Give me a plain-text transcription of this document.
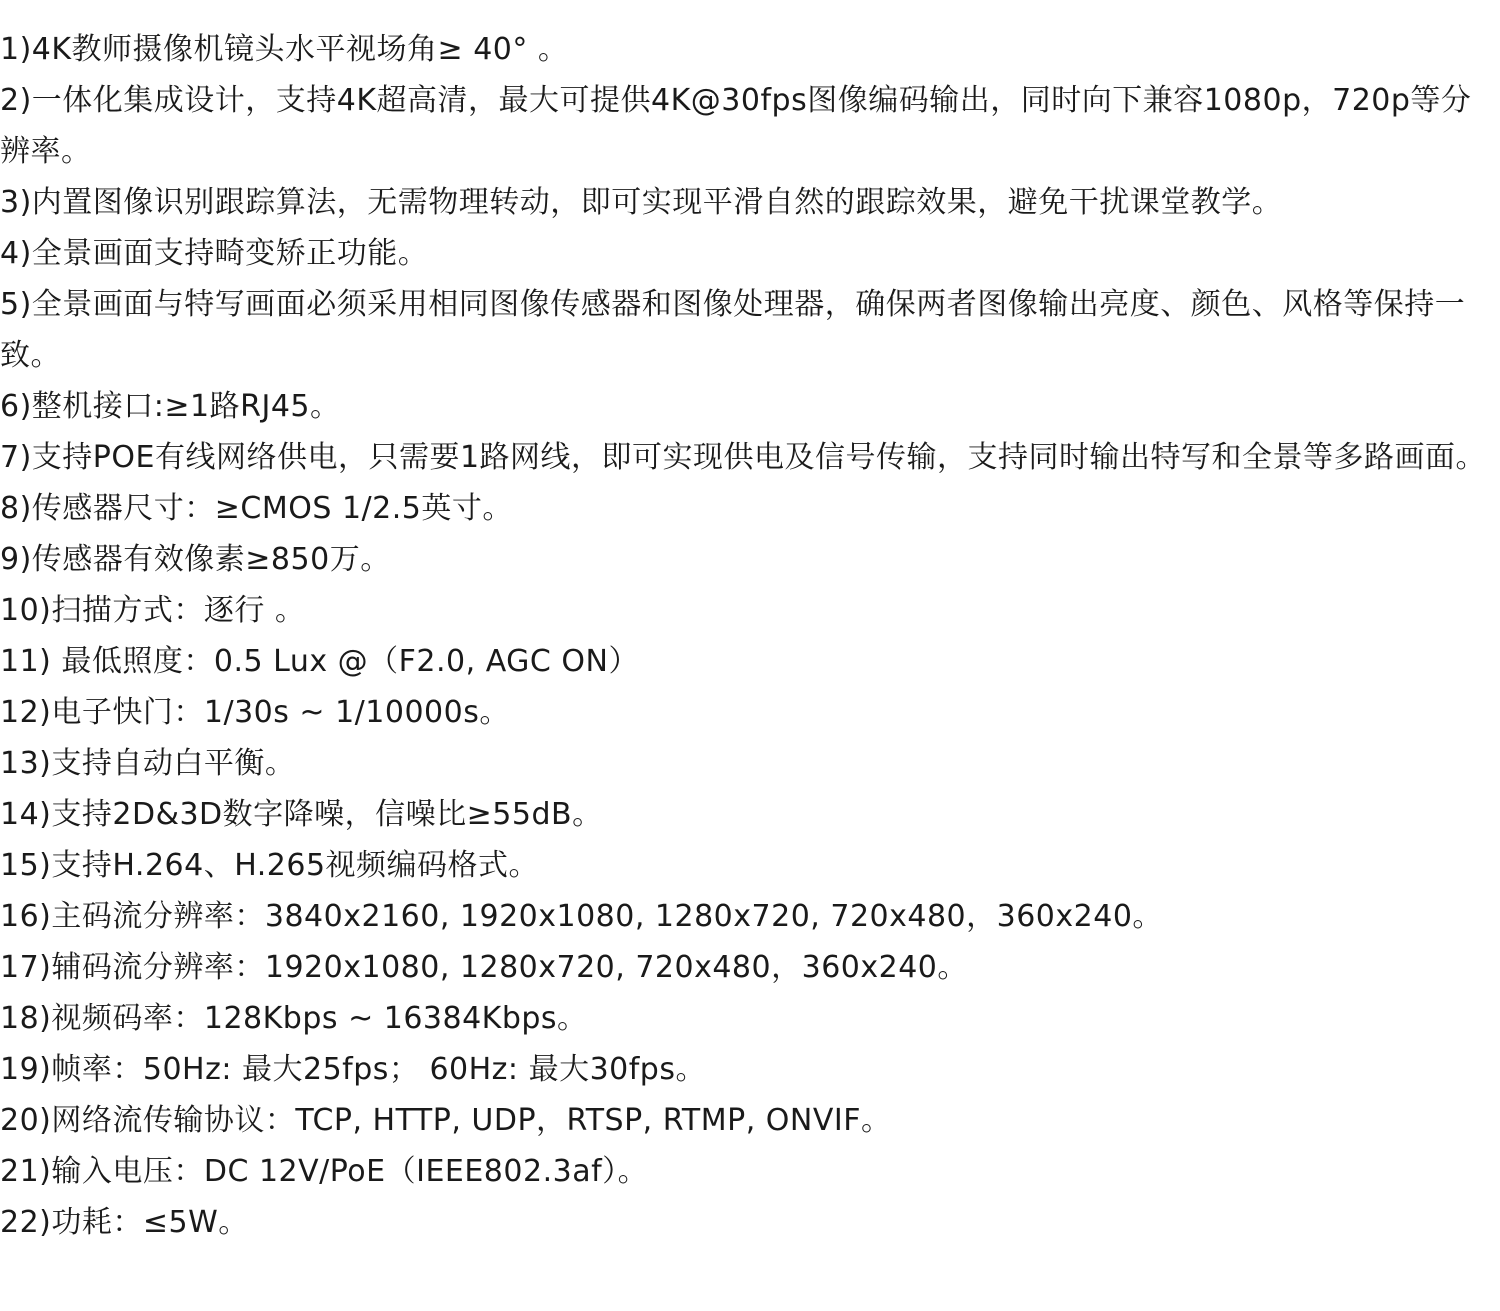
1)4K教师摄像机镜头水平视场角≥ 40° 。
2)一体化集成设计，支持4K超高清，最大可提供4K@30fps图像编码输出，同时向下兼容1080p，720p等分辨率。
3)内置图像识别跟踪算法，无需物理转动，即可实现平滑自然的跟踪效果，避免干扰课堂教学。
4)全景画面支持畸变矫正功能。
5)全景画面与特写画面必须采用相同图像传感器和图像处理器，确保两者图像输出亮度、颜色、风格等保持一致。
6)整机接口:≥1路RJ45。
7)支持POE有线网络供电，只需要1路网线，即可实现供电及信号传输，支持同时输出特写和全景等多路画面。
8)传感器尺寸：≥CMOS 1/2.5英寸。
9)传感器有效像素≥850万。
10)扫描方式：逐行 。
11) 最低照度：0.5 Lux @（F2.0, AGC ON）
12)电子快门：1/30s ~ 1/10000s。
13)支持自动白平衡。
14)支持2D&3D数字降噪，信噪比≥55dB。
15)支持H.264、H.265视频编码格式。
16)主码流分辨率：3840x2160, 1920x1080, 1280x720, 720x480，360x240。
17)辅码流分辨率：1920x1080, 1280x720, 720x480，360x240。
18)视频码率：128Kbps ~ 16384Kbps。
19)帧率：50Hz: 最大25fps； 60Hz: 最大30fps。
20)网络流传输协议：TCP, HTTP, UDP，RTSP, RTMP, ONVIF。
21)输入电压：DC 12V/PoE（IEEE802.3af）。
22)功耗：≤5W。
